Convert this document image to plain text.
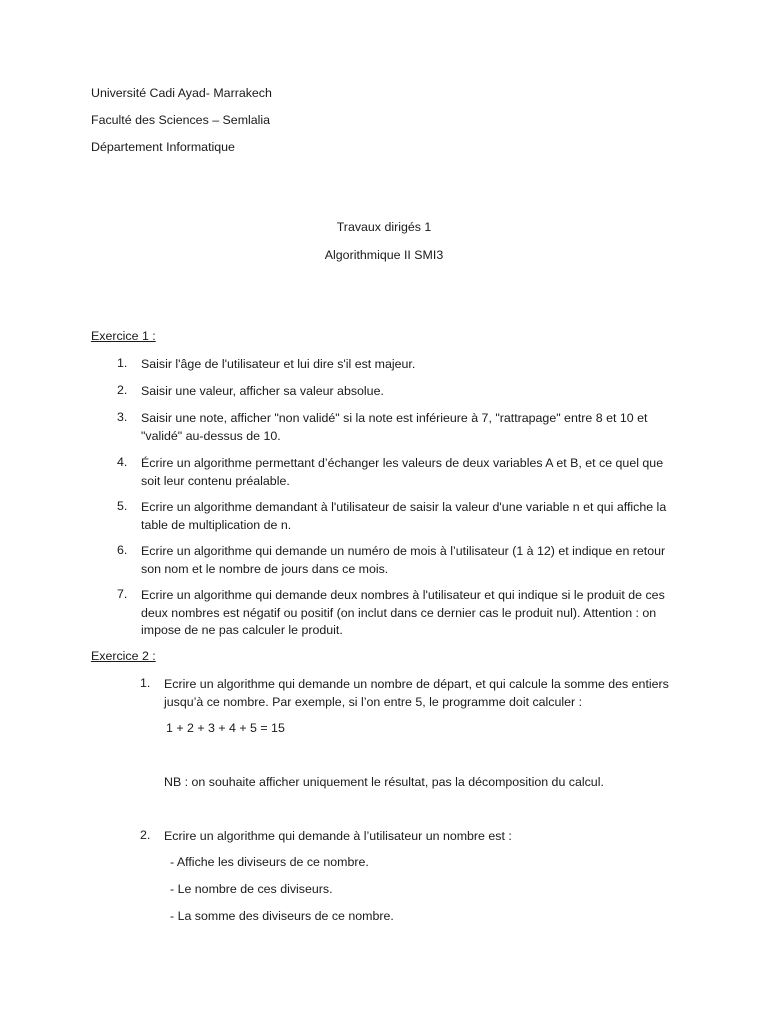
Université Cadi Ayad- Marrakech
Faculté des Sciences – Semlalia
Département Informatique
Travaux dirigés 1
Algorithmique II SMI3
Exercice 1 :
1.	Saisir l'âge de l'utilisateur et lui dire s'il est majeur.
2.	Saisir une valeur, afficher sa valeur absolue.
3.	Saisir une note, afficher "non validé" si la note est inférieure à 7, "rattrapage" entre 8 et 10 et "validé" au-dessus de 10.
4.	Écrire un algorithme permettant d’échanger les valeurs de deux variables A et B, et ce quel que soit leur contenu préalable.
5.	Ecrire un algorithme demandant à l'utilisateur de saisir la valeur d'une variable n et qui affiche la table de multiplication de n.
6.	Ecrire un algorithme qui demande un numéro de mois à l’utilisateur (1 à 12) et indique en retour son nom et le nombre de jours dans ce mois.
7.	Ecrire un algorithme qui demande deux nombres à l'utilisateur et qui indique si le produit de ces deux nombres est négatif ou positif (on inclut dans ce dernier cas le produit nul). Attention : on impose de ne pas calculer le produit.
Exercice 2 :
1.	Ecrire un algorithme qui demande un nombre de départ, et qui calcule la somme des entiers jusqu’à ce nombre. Par exemple, si l’on entre 5, le programme doit calculer :
1 + 2 + 3 + 4 + 5 = 15
NB : on souhaite afficher uniquement le résultat, pas la décomposition du calcul.
2.	Ecrire un algorithme qui demande à l’utilisateur un nombre est :
- Affiche les diviseurs de ce nombre.
- Le nombre de ces diviseurs.
- La somme des diviseurs de ce nombre.
